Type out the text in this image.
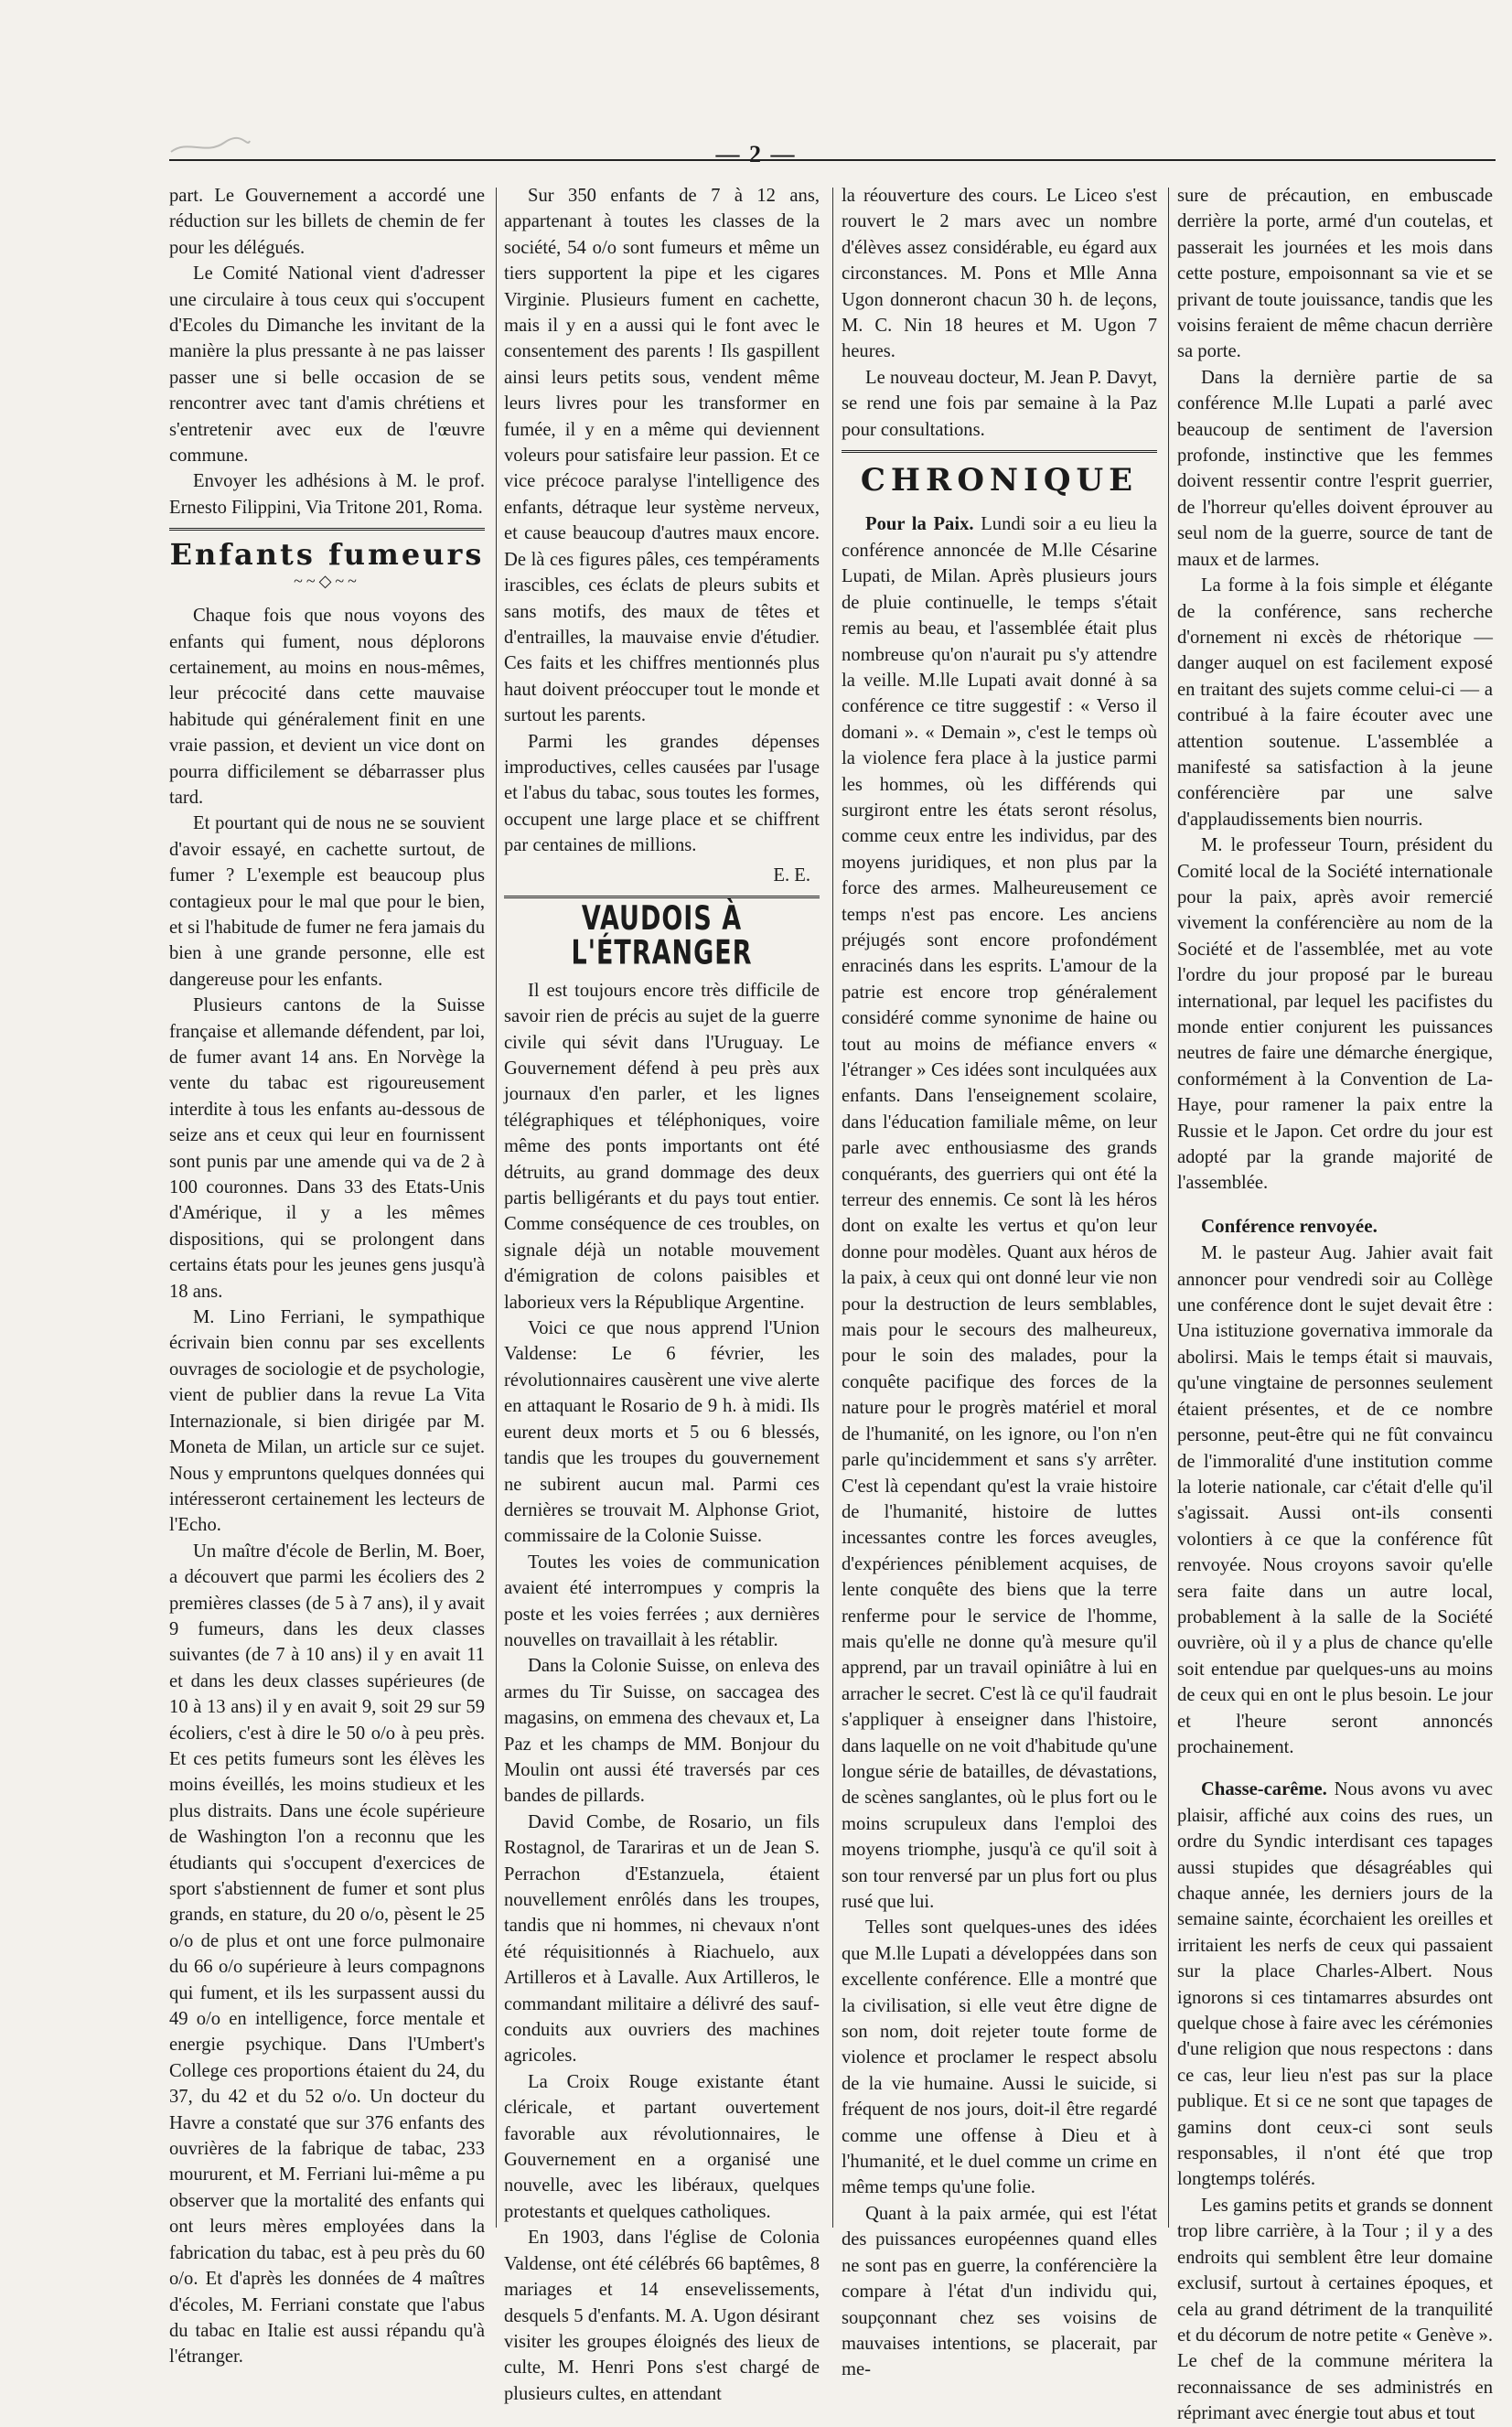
— 2 —

part. Le Gouvernement a accordé une réduction sur les billets de chemin de fer pour les délégués.

Le Comité National vient d'adresser une circulaire à tous ceux qui s'occupent d'Ecoles du Dimanche les invitant de la manière la plus pressante à ne pas laisser passer une si belle occasion de se rencontrer avec tant d'amis chrétiens et s'entretenir avec eux de l'œuvre commune.

Envoyer les adhésions à M. le prof. Ernesto Filippini, Via Tritone 201, Roma.

Enfants fumeurs
~~◇~~

Chaque fois que nous voyons des enfants qui fument, nous déplorons certainement, au moins en nous-mêmes, leur précocité dans cette mauvaise habitude qui généralement finit en une vraie passion, et devient un vice dont on pourra difficilement se débarrasser plus tard.

Et pourtant qui de nous ne se souvient d'avoir essayé, en cachette surtout, de fumer ? L'exemple est beaucoup plus contagieux pour le mal que pour le bien, et si l'habitude de fumer ne fera jamais du bien à une grande personne, elle est dangereuse pour les enfants.

Plusieurs cantons de la Suisse française et allemande défendent, par loi, de fumer avant 14 ans. En Norvège la vente du tabac est rigoureusement interdite à tous les enfants au-dessous de seize ans et ceux qui leur en fournissent sont punis par une amende qui va de 2 à 100 couronnes. Dans 33 des Etats-Unis d'Amérique, il y a les mêmes dispositions, qui se prolongent dans certains états pour les jeunes gens jusqu'à 18 ans.

M. Lino Ferriani, le sympathique écrivain bien connu par ses excellents ouvrages de sociologie et de psychologie, vient de publier dans la revue La Vita Internazionale, si bien dirigée par M. Moneta de Milan, un article sur ce sujet. Nous y empruntons quelques données qui intéresseront certainement les lecteurs de l'Echo.

Un maître d'école de Berlin, M. Boer, a découvert que parmi les écoliers des 2 premières classes (de 5 à 7 ans), il y avait 9 fumeurs, dans les deux classes suivantes (de 7 à 10 ans) il y en avait 11 et dans les deux classes supérieures (de 10 à 13 ans) il y en avait 9, soit 29 sur 59 écoliers, c'est à dire le 50 o/o à peu près. Et ces petits fumeurs sont les élèves les moins éveillés, les moins studieux et les plus distraits. Dans une école supérieure de Washington l'on a reconnu que les étudiants qui s'occupent d'exercices de sport s'abstiennent de fumer et sont plus grands, en stature, du 20 o/o, pèsent le 25 o/o de plus et ont une force pulmonaire du 66 o/o supérieure à leurs compagnons qui fument, et ils les surpassent aussi du 49 o/o en intelligence, force mentale et energie psychique. Dans l'Umbert's College ces proportions étaient du 24, du 37, du 42 et du 52 o/o. Un docteur du Havre a constaté que sur 376 enfants des ouvrières de la fabrique de tabac, 233 moururent, et M. Ferriani lui-même a pu observer que la mortalité des enfants qui ont leurs mères employées dans la fabrication du tabac, est à peu près du 60 o/o. Et d'après les données de 4 maîtres d'écoles, M. Ferriani constate que l'abus du tabac en Italie est aussi répandu qu'à l'étranger.

Sur 350 enfants de 7 à 12 ans, appartenant à toutes les classes de la société, 54 o/o sont fumeurs et même un tiers supportent la pipe et les cigares Virginie. Plusieurs fument en cachette, mais il y en a aussi qui le font avec le consentement des parents ! Ils gaspillent ainsi leurs petits sous, vendent même leurs livres pour les transformer en fumée, il y en a même qui deviennent voleurs pour satisfaire leur passion. Et ce vice précoce paralyse l'intelligence des enfants, détraque leur système nerveux, et cause beaucoup d'autres maux encore. De là ces figures pâles, ces tempéraments irascibles, ces éclats de pleurs subits et sans motifs, des maux de têtes et d'entrailles, la mauvaise envie d'étudier. Ces faits et les chiffres mentionnés plus haut doivent préoccuper tout le monde et surtout les parents.

Parmi les grandes dépenses improductives, celles causées par l'usage et l'abus du tabac, sous toutes les formes, occupent une large place et se chiffrent par centaines de millions.

E. E.
VAUDOIS À L'ÉTRANGER

Il est toujours encore très difficile de savoir rien de précis au sujet de la guerre civile qui sévit dans l'Uruguay. Le Gouvernement défend à peu près aux journaux d'en parler, et les lignes télégraphiques et téléphoniques, voire même des ponts importants ont été détruits, au grand dommage des deux partis belligérants et du pays tout entier. Comme conséquence de ces troubles, on signale déjà un notable mouvement d'émigration de colons paisibles et laborieux vers la République Argentine.

Voici ce que nous apprend l'Union Valdense: Le 6 février, les révolutionnaires causèrent une vive alerte en attaquant le Rosario de 9 h. à midi. Ils eurent deux morts et 5 ou 6 blessés, tandis que les troupes du gouvernement ne subirent aucun mal. Parmi ces dernières se trouvait M. Alphonse Griot, commissaire de la Colonie Suisse.

Toutes les voies de communication avaient été interrompues y compris la poste et les voies ferrées ; aux dernières nouvelles on travaillait à les rétablir.

Dans la Colonie Suisse, on enleva des armes du Tir Suisse, on saccagea des magasins, on emmena des chevaux et, La Paz et les champs de MM. Bonjour du Moulin ont aussi été traversés par ces bandes de pillards.

David Combe, de Rosario, un fils Rostagnol, de Tarariras et un de Jean S. Perrachon d'Estanzuela, étaient nouvellement enrôlés dans les troupes, tandis que ni hommes, ni chevaux n'ont été réquisitionnés à Riachuelo, aux Artilleros et à Lavalle. Aux Artilleros, le commandant militaire a délivré des sauf-conduits aux ouvriers des machines agricoles.

La Croix Rouge existante étant cléricale, et partant ouvertement favorable aux révolutionnaires, le Gouvernement en a organisé une nouvelle, avec les libéraux, quelques protestants et quelques catholiques.

En 1903, dans l'église de Colonia Valdense, ont été célébrés 66 baptêmes, 8 mariages et 14 ensevelissements, desquels 5 d'enfants. M. A. Ugon désirant visiter les groupes éloignés des lieux de culte, M. Henri Pons s'est chargé de plusieurs cultes, en attendant

la réouverture des cours. Le Liceo s'est rouvert le 2 mars avec un nombre d'élèves assez considérable, eu égard aux circonstances. M. Pons et Mlle Anna Ugon donneront chacun 30 h. de leçons, M. C. Nin 18 heures et M. Ugon 7 heures.

Le nouveau docteur, M. Jean P. Davyt, se rend une fois par semaine à la Paz pour consultations.

CHRONIQUE

Pour la Paix. Lundi soir a eu lieu la conférence annoncée de M.lle Césarine Lupati, de Milan. Après plusieurs jours de pluie continuelle, le temps s'était remis au beau, et l'assemblée était plus nombreuse qu'on n'aurait pu s'y attendre la veille. M.lle Lupati avait donné à sa conférence ce titre suggestif : « Verso il domani ». « Demain », c'est le temps où la violence fera place à la justice parmi les hommes, où les différends qui surgiront entre les états seront résolus, comme ceux entre les individus, par des moyens juridiques, et non plus par la force des armes. Malheureusement ce temps n'est pas encore. Les anciens préjugés sont encore profondément enracinés dans les esprits. L'amour de la patrie est encore trop généralement considéré comme synonime de haine ou tout au moins de méfiance envers « l'étranger » Ces idées sont inculquées aux enfants. Dans l'enseignement scolaire, dans l'éducation familiale même, on leur parle avec enthousiasme des grands conquérants, des guerriers qui ont été la terreur des ennemis. Ce sont là les héros dont on exalte les vertus et qu'on leur donne pour modèles. Quant aux héros de la paix, à ceux qui ont donné leur vie non pour la destruction de leurs semblables, mais pour le secours des malheureux, pour le soin des malades, pour la conquête pacifique des forces de la nature pour le progrès matériel et moral de l'humanité, on les ignore, ou l'on n'en parle qu'incidemment et sans s'y arrêter. C'est là cependant qu'est la vraie histoire de l'humanité, histoire de luttes incessantes contre les forces aveugles, d'expériences péniblement acquises, de lente conquête des biens que la terre renferme pour le service de l'homme, mais qu'elle ne donne qu'à mesure qu'il apprend, par un travail opiniâtre à lui en arracher le secret. C'est là ce qu'il faudrait s'appliquer à enseigner dans l'histoire, dans laquelle on ne voit d'habitude qu'une longue série de batailles, de dévastations, de scènes sanglantes, où le plus fort ou le moins scrupuleux dans l'emploi des moyens triomphe, jusqu'à ce qu'il soit à son tour renversé par un plus fort ou plus rusé que lui.

Telles sont quelques-unes des idées que M.lle Lupati a développées dans son excellente conférence. Elle a montré que la civilisation, si elle veut être digne de son nom, doit rejeter toute forme de violence et proclamer le respect absolu de la vie humaine. Aussi le suicide, si fréquent de nos jours, doit-il être regardé comme une offense à Dieu et à l'humanité, et le duel comme un crime en même temps qu'une folie.

Quant à la paix armée, qui est l'état des puissances européennes quand elles ne sont pas en guerre, la conférencière la compare à l'état d'un individu qui, soupçonnant chez ses voisins de mauvaises intentions, se placerait, par me-

sure de précaution, en embuscade derrière la porte, armé d'un coutelas, et passerait les journées et les mois dans cette posture, empoisonnant sa vie et se privant de toute jouissance, tandis que les voisins feraient de même chacun derrière sa porte.

Dans la dernière partie de sa conférence M.lle Lupati a parlé avec beaucoup de sentiment de l'aversion profonde, instinctive que les femmes doivent ressentir contre l'esprit guerrier, de l'horreur qu'elles doivent éprouver au seul nom de la guerre, source de tant de maux et de larmes.

La forme à la fois simple et élégante de la conférence, sans recherche d'ornement ni excès de rhétorique — danger auquel on est facilement exposé en traitant des sujets comme celui-ci — a contribué à la faire écouter avec une attention soutenue. L'assemblée a manifesté sa satisfaction à la jeune conférencière par une salve d'applaudissements bien nourris.

M. le professeur Tourn, président du Comité local de la Société internationale pour la paix, après avoir remercié vivement la conférencière au nom de la Société et de l'assemblée, met au vote l'ordre du jour proposé par le bureau international, par lequel les pacifistes du monde entier conjurent les puissances neutres de faire une démarche énergique, conformément à la Convention de La-Haye, pour ramener la paix entre la Russie et le Japon. Cet ordre du jour est adopté par la grande majorité de l'assemblée.

Conférence renvoyée.

M. le pasteur Aug. Jahier avait fait annoncer pour vendredi soir au Collège une conférence dont le sujet devait être : Una istituzione governativa immorale da abolirsi. Mais le temps était si mauvais, qu'une vingtaine de personnes seulement étaient présentes, et de ce nombre personne, peut-être qui ne fût convaincu de l'immoralité d'une institution comme la loterie nationale, car c'était d'elle qu'il s'agissait. Aussi ont-ils consenti volontiers à ce que la conférence fût renvoyée. Nous croyons savoir qu'elle sera faite dans un autre local, probablement à la salle de la Société ouvrière, où il y a plus de chance qu'elle soit entendue par quelques-uns au moins de ceux qui en ont le plus besoin. Le jour et l'heure seront annoncés prochainement.

Chasse-carême. Nous avons vu avec plaisir, affiché aux coins des rues, un ordre du Syndic interdisant ces tapages aussi stupides que désagréables qui chaque année, les derniers jours de la semaine sainte, écorchaient les oreilles et irritaient les nerfs de ceux qui passaient sur la place Charles-Albert. Nous ignorons si ces tintamarres absurdes ont quelque chose à faire avec les cérémonies d'une religion que nous respectons : dans ce cas, leur lieu n'est pas sur la place publique. Et si ce ne sont que tapages de gamins dont ceux-ci sont seuls responsables, il n'ont été que trop longtemps tolérés.

Les gamins petits et grands se donnent trop libre carrière, à la Tour ; il y a des endroits qui semblent être leur domaine exclusif, surtout à certaines époques, et cela au grand détriment de la tranquilité et du décorum de notre petite « Genève ». Le chef de la commune méritera la reconnaissance de ses administrés en réprimant avec énergie tout abus et tout
